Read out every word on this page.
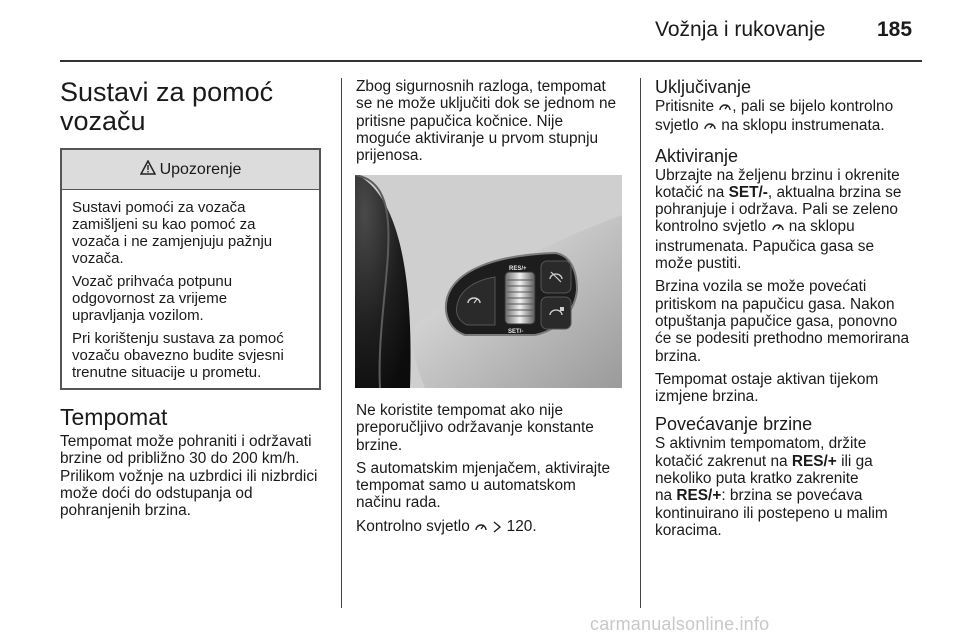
Vožnja i rukovanje 185
Sustavi za pomoć
vozaču
Upozorenje

Sustavi pomoći za vozača
zamišljeni su kao pomoć za
vozača i ne zamjenjuju pažnju
vozača.

Vozač prihvaća potpunu
odgovornost za vrijeme
upravljanja vozilom.

Pri korištenju sustava za pomoć
vozaču obavezno budite svjesni
trenutne situacije u prometu.

Tempomat

Tempomat može pohraniti i održavati
brzine od približno 30 do 200 km/h.
Prilikom vožnje na uzbrdici ili nizbrdici
može doći do odstupanja od
pohranjenih brzina.

Zbog sigurnosnih razloga, tempomat
se ne može uključiti dok se jednom ne
pritisne papučica kočnice. Nije
moguće aktiviranje u prvom stupnju
prijenosa.

RES/+
SET/-

Ne koristite tempomat ako nije
preporučljivo održavanje konstante
brzine.

S automatskim mjenjačem, aktivirajte
tempomat samo u automatskom
načinu rada.

Kontrolno svjetlo 120.

Uključivanje

Pritisnite , pali se bijelo kontrolno
svjetlo na sklopu instrumenata.

Aktiviranje

Ubrzajte na željenu brzinu i okrenite
kotačić na SET/-, aktualna brzina se
pohranjuje i održava. Pali se zeleno
kontrolno svjetlo na sklopu
instrumenata. Papučica gasa se
može pustiti.

Brzina vozila se može povećati
pritiskom na papučicu gasa. Nakon
otpuštanja papučice gasa, ponovno
će se podesiti prethodno memorirana
brzina.

Tempomat ostaje aktivan tijekom
izmjene brzina.

Povećavanje brzine

S aktivnim tempomatom, držite
kotačić zakrenut na RES/+ ili ga
nekoliko puta kratko zakrenite
na RES/+: brzina se povećava
kontinuirano ili postepeno u malim
koracima.

carmanualsonline.info
